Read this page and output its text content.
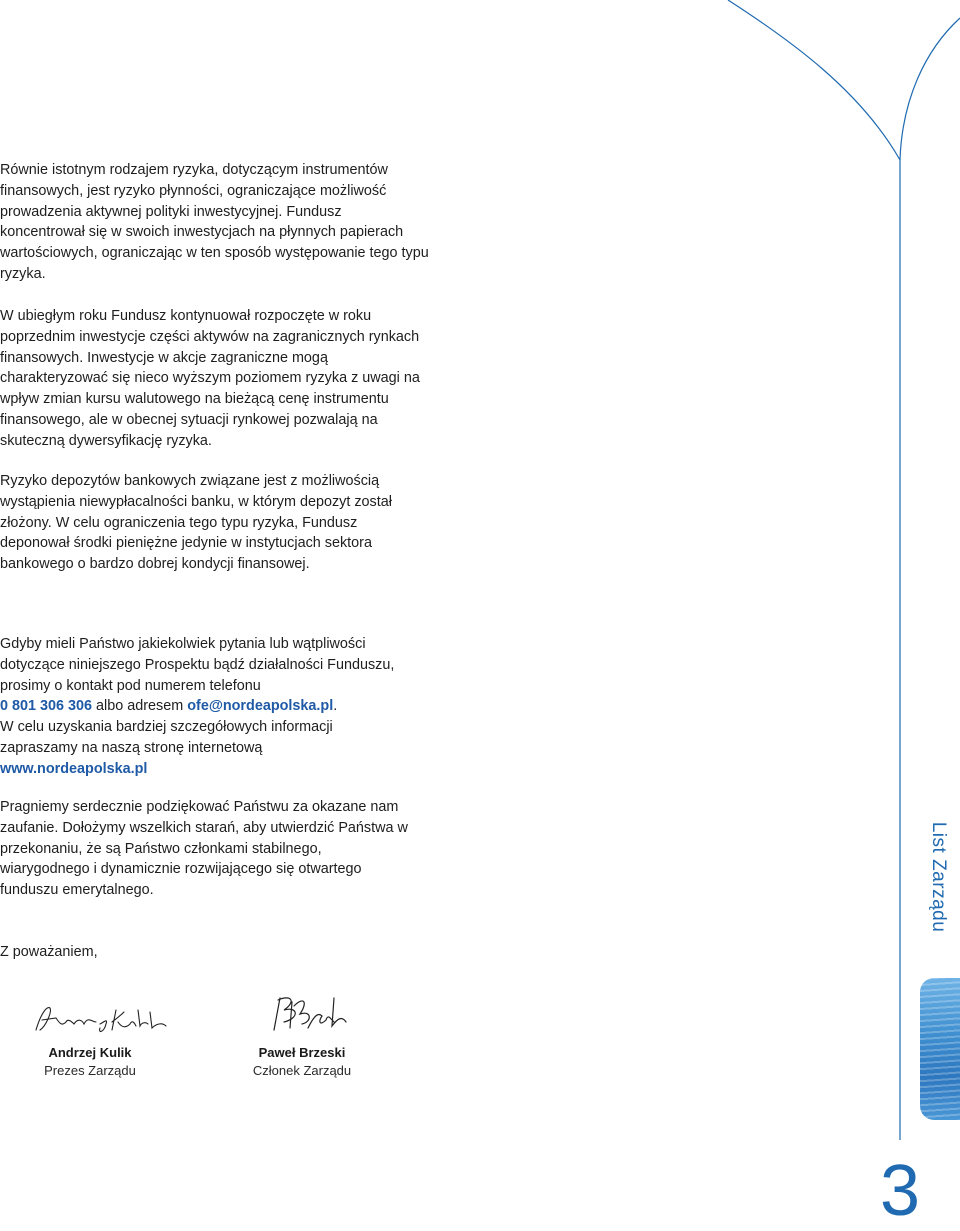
Równie istotnym rodzajem ryzyka, dotyczącym instrumentów finansowych, jest ryzyko płynności, ograniczające możliwość prowadzenia aktywnej polityki inwestycyjnej. Fundusz koncentrował się w swoich inwestycjach na płynnych papierach wartościowych, ograniczając w ten sposób występowanie tego typu ryzyka.

W ubiegłym roku Fundusz kontynuował rozpoczęte w roku poprzednim inwestycje części aktywów na zagranicznych rynkach finansowych. Inwestycje w akcje zagraniczne mogą charakteryzować się nieco wyższym poziomem ryzyka z uwagi na wpływ zmian kursu walutowego na bieżącą cenę instrumentu finansowego, ale w obecnej sytuacji rynkowej pozwalają na skuteczną dywersyfikację ryzyka.

Ryzyko depozytów bankowych związane jest z możliwością wystąpienia niewypłacalności banku, w którym depozyt został złożony. W celu ograniczenia tego typu ryzyka, Fundusz deponował środki pieniężne jedynie w instytucjach sektora bankowego o bardzo dobrej kondycji finansowej.

Gdyby mieli Państwo jakiekolwiek pytania lub wątpliwości dotyczące niniejszego Prospektu bądź działalności Funduszu, prosimy o kontakt pod numerem telefonu
0 801 306 306 albo adresem ofe@nordeapolska.pl.
W celu uzyskania bardziej szczegółowych informacji zapraszamy na naszą stronę internetową
www.nordeapolska.pl

Pragniemy serdecznie podziękować Państwu za okazane nam zaufanie. Dołożymy wszelkich starań, aby utwierdzić Państwa w przekonaniu, że są Państwo członkami stabilnego, wiarygodnego i dynamicznie rozwijającego się otwartego funduszu emerytalnego.

Z poważaniem,

Andrzej Kulik
Prezes Zarządu
Paweł Brzeski
Członek Zarządu
List Zarządu
3
